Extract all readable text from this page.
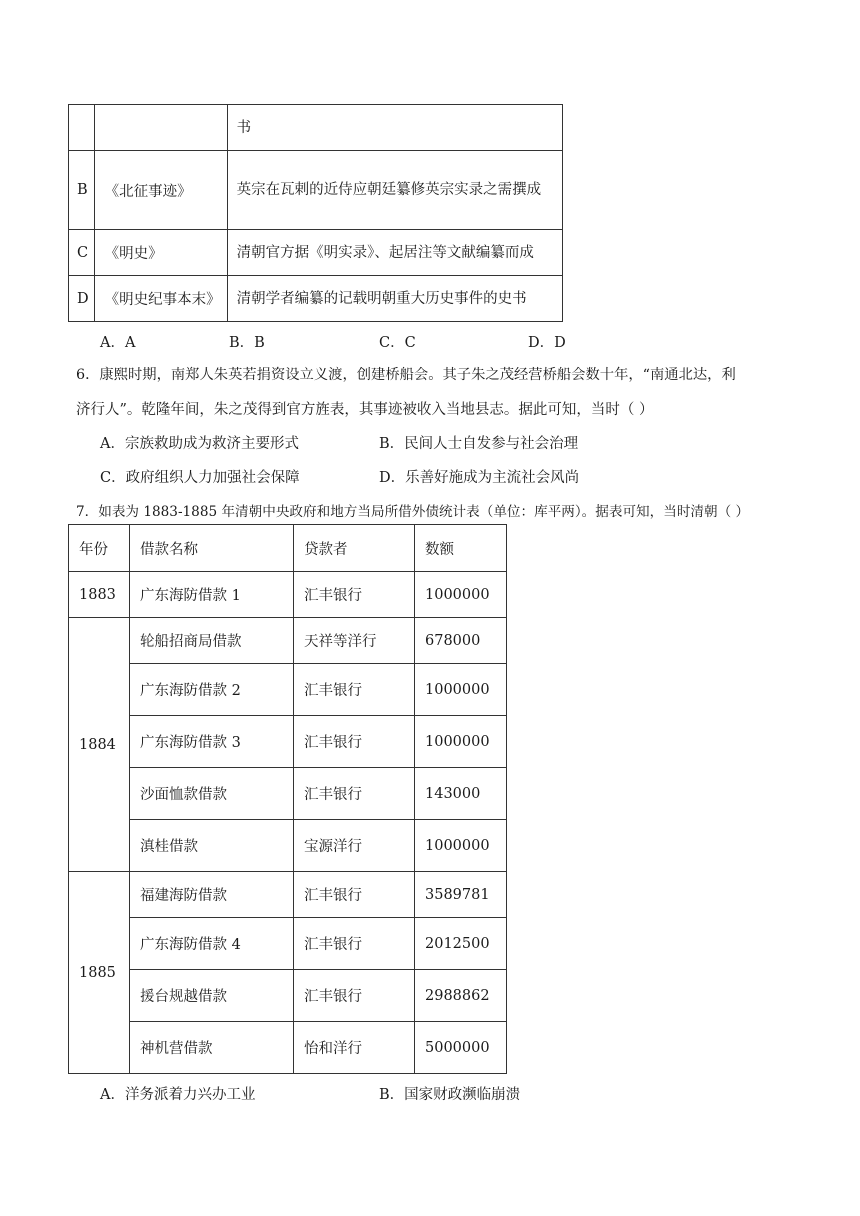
		书
B	《北征事迹》	英宗在瓦剌的近侍应朝廷纂修英宗实录之需撰成
C	《明史》	清朝官方据《明实录》、起居注等文献编纂而成
D	《明史纪事本末》	清朝学者编纂的记载明朝重大历史事件的史书
A．A	B．B	C．C	D．D
6．康熙时期，南郑人朱英若捐资设立义渡，创建桥船会。其子朱之茂经营桥船会数十年，“南通北达，利
济行人”。乾隆年间，朱之茂得到官方旌表，其事迹被收入当地县志。据此可知，当时（ ）
A．宗族救助成为救济主要形式	B．民间人士自发参与社会治理
C．政府组织人力加强社会保障	D．乐善好施成为主流社会风尚
7．如表为 1883-1885 年清朝中央政府和地方当局所借外债统计表（单位：库平两）。据表可知，当时清朝（ ）
年份	借款名称	贷款者	数额
1883	广东海防借款 1	汇丰银行	1000000
1884	轮船招商局借款	天祥等洋行	678000
	广东海防借款 2	汇丰银行	1000000
	广东海防借款 3	汇丰银行	1000000
	沙面恤款借款	汇丰银行	143000
	滇桂借款	宝源洋行	1000000
1885	福建海防借款	汇丰银行	3589781
	广东海防借款 4	汇丰银行	2012500
	援台规越借款	汇丰银行	2988862
	神机营借款	怡和洋行	5000000
A．洋务派着力兴办工业	B．国家财政濒临崩溃
